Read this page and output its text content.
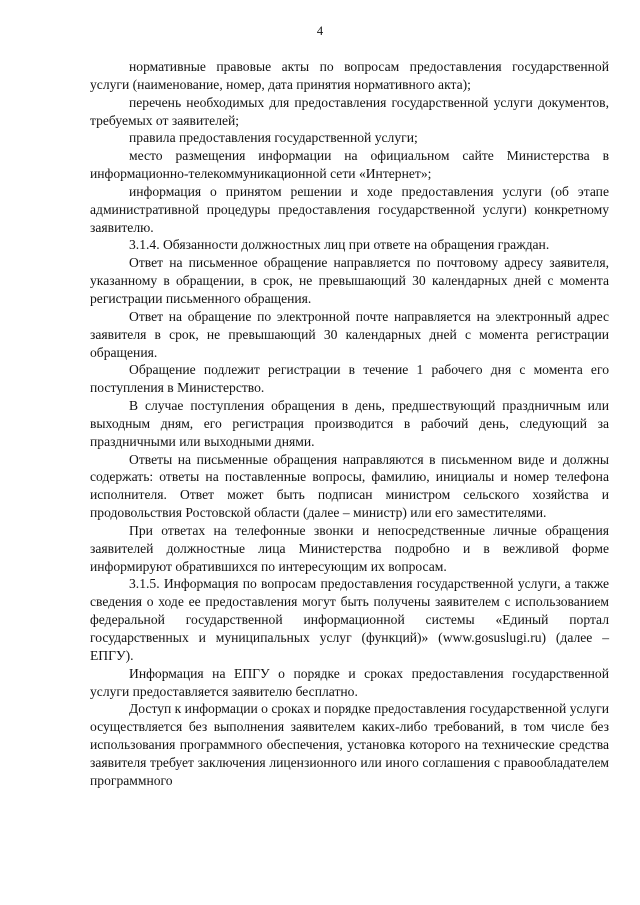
4

нормативные правовые акты по вопросам предоставления государственной услуги (наименование, номер, дата принятия нормативного акта);

перечень необходимых для предоставления государственной услуги документов, требуемых от заявителей;

правила предоставления государственной услуги;

место размещения информации на официальном сайте Министерства в информационно-телекоммуникационной сети «Интернет»;

информация о принятом решении и ходе предоставления услуги (об этапе административной процедуры предоставления государственной услуги) конкретному заявителю.

3.1.4. Обязанности должностных лиц при ответе на обращения граждан.

Ответ на письменное обращение направляется по почтовому адресу заявителя, указанному в обращении, в срок, не превышающий 30 календарных дней с момента регистрации письменного обращения.

Ответ на обращение по электронной почте направляется на электронный адрес заявителя в срок, не превышающий 30 календарных дней с момента регистрации обращения.

Обращение подлежит регистрации в течение 1 рабочего дня с момента его поступления в Министерство.

В случае поступления обращения в день, предшествующий праздничным или выходным дням, его регистрация производится в рабочий день, следующий за праздничными или выходными днями.

Ответы на письменные обращения направляются в письменном виде и должны содержать: ответы на поставленные вопросы, фамилию, инициалы и номер телефона исполнителя. Ответ может быть подписан министром сельского хозяйства и продовольствия Ростовской области (далее – министр) или его заместителями.

При ответах на телефонные звонки и непосредственные личные обращения заявителей должностные лица Министерства подробно и в вежливой форме информируют обратившихся по интересующим их вопросам.

3.1.5. Информация по вопросам предоставления государственной услуги, а также сведения о ходе ее предоставления могут быть получены заявителем с использованием федеральной государственной информационной системы «Единый портал государственных и муниципальных услуг (функций)» (www.gosuslugi.ru) (далее – ЕПГУ).

Информация на ЕПГУ о порядке и сроках предоставления государственной услуги предоставляется заявителю бесплатно.

Доступ к информации о сроках и порядке предоставления государственной услуги осуществляется без выполнения заявителем каких-либо требований, в том числе без использования программного обеспечения, установка которого на технические средства заявителя требует заключения лицензионного или иного соглашения с правообладателем программного
